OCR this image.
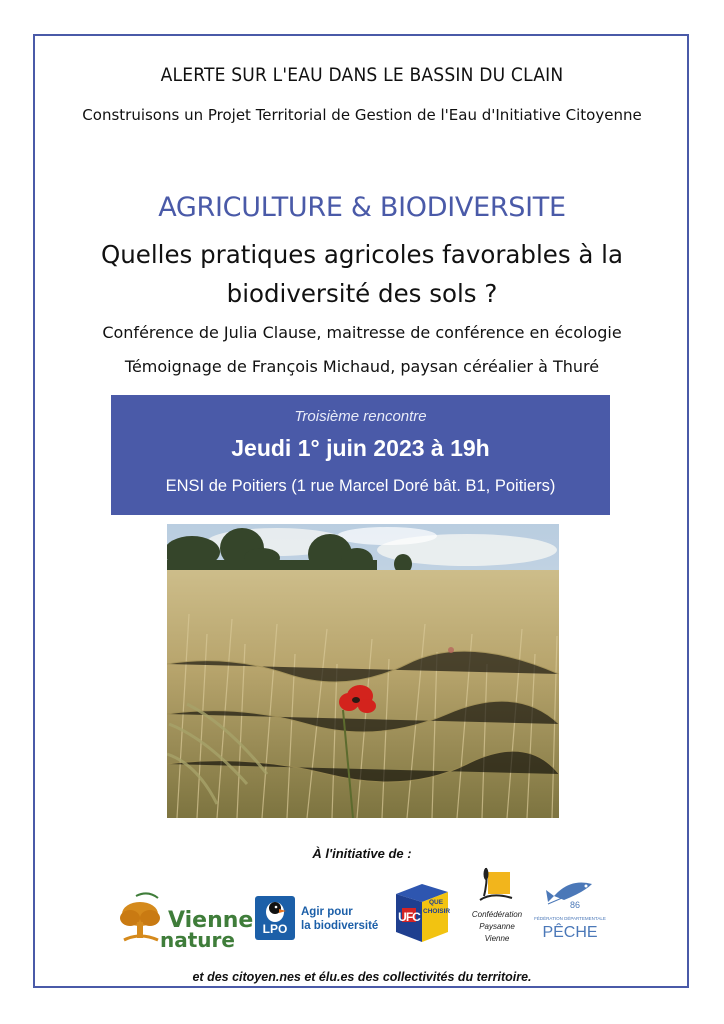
ALERTE SUR L'EAU DANS LE BASSIN DU CLAIN
Construisons un Projet Territorial de Gestion de l'Eau d'Initiative Citoyenne
AGRICULTURE & BIODIVERSITE
Quelles pratiques agricoles favorables à la
biodiversité des sols ?
Conférence de Julia Clause, maitresse de conférence en écologie
Témoignage de François Michaud, paysan céréalier à Thuré
Troisième rencontre
Jeudi 1° juin 2023 à 19h
ENSI de Poitiers (1 rue Marcel Doré bât. B1, Poitiers)
À l'initiative de :
Vienne
nature	LPO
Agir pour
la biodiversité
UFC
QUE CHOISIR	Confédération
Paysanne
Vienne
86
FÉDÉRATION DÉPARTEMENTALE
PÊCHE
et des citoyen.nes et élu.es des collectivités du territoire.
